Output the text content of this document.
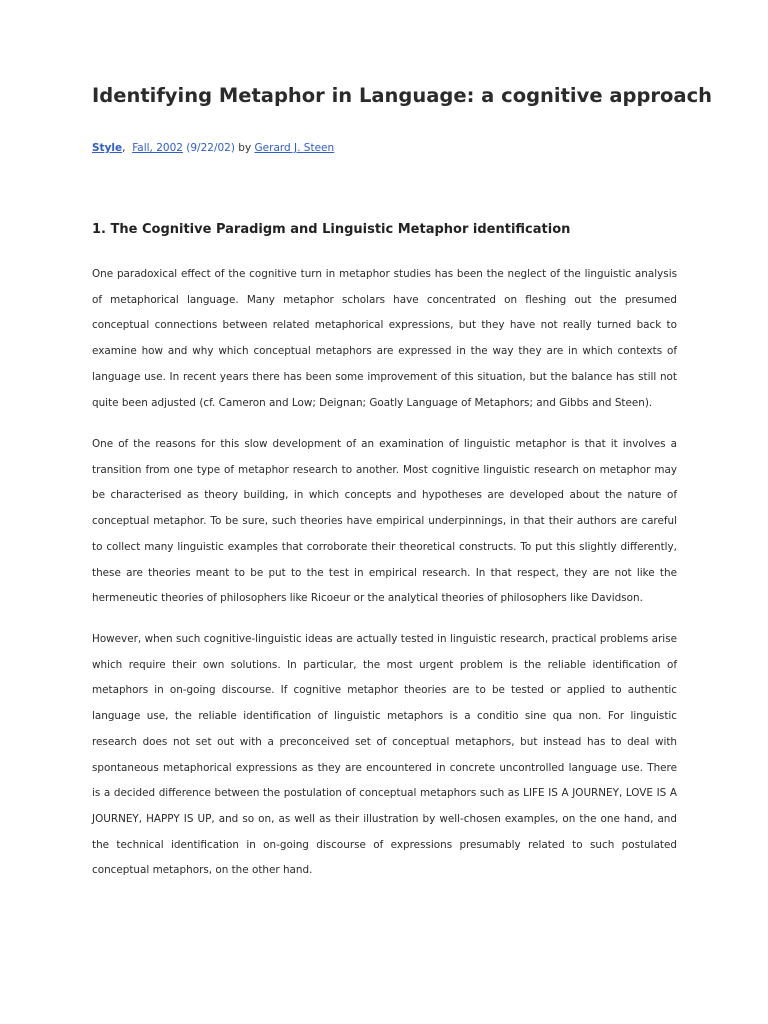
Identifying Metaphor in Language: a cognitive approach
Style, Fall, 2002 (9/22/02) by Gerard J. Steen
1. The Cognitive Paradigm and Linguistic Metaphor identification

One paradoxical effect of the cognitive turn in metaphor studies has been the neglect of the linguistic analysis of metaphorical language. Many metaphor scholars have concentrated on fleshing out the presumed conceptual connections between related metaphorical expressions, but they have not really turned back to examine how and why which conceptual metaphors are expressed in the way they are in which contexts of language use. In recent years there has been some improvement of this situation, but the balance has still not quite been adjusted (cf. Cameron and Low; Deignan; Goatly Language of Metaphors; and Gibbs and Steen).

One of the reasons for this slow development of an examination of linguistic metaphor is that it involves a transition from one type of metaphor research to another. Most cognitive linguistic research on metaphor may be characterised as theory building, in which concepts and hypotheses are developed about the nature of conceptual metaphor. To be sure, such theories have empirical underpinnings, in that their authors are careful to collect many linguistic examples that corroborate their theoretical constructs. To put this slightly differently, these are theories meant to be put to the test in empirical research. In that respect, they are not like the hermeneutic theories of philosophers like Ricoeur or the analytical theories of philosophers like Davidson.

However, when such cognitive-linguistic ideas are actually tested in linguistic research, practical problems arise which require their own solutions. In particular, the most urgent problem is the reliable identification of metaphors in on-going discourse. If cognitive metaphor theories are to be tested or applied to authentic language use, the reliable identification of linguistic metaphors is a conditio sine qua non. For linguistic research does not set out with a preconceived set of conceptual metaphors, but instead has to deal with spontaneous metaphorical expressions as they are encountered in concrete uncontrolled language use. There is a decided difference between the postulation of conceptual metaphors such as LIFE IS A JOURNEY, LOVE IS A JOURNEY, HAPPY IS UP, and so on, as well as their illustration by well-chosen examples, on the one hand, and the technical identification in on-going discourse of expressions presumably related to such postulated conceptual metaphors, on the other hand.
